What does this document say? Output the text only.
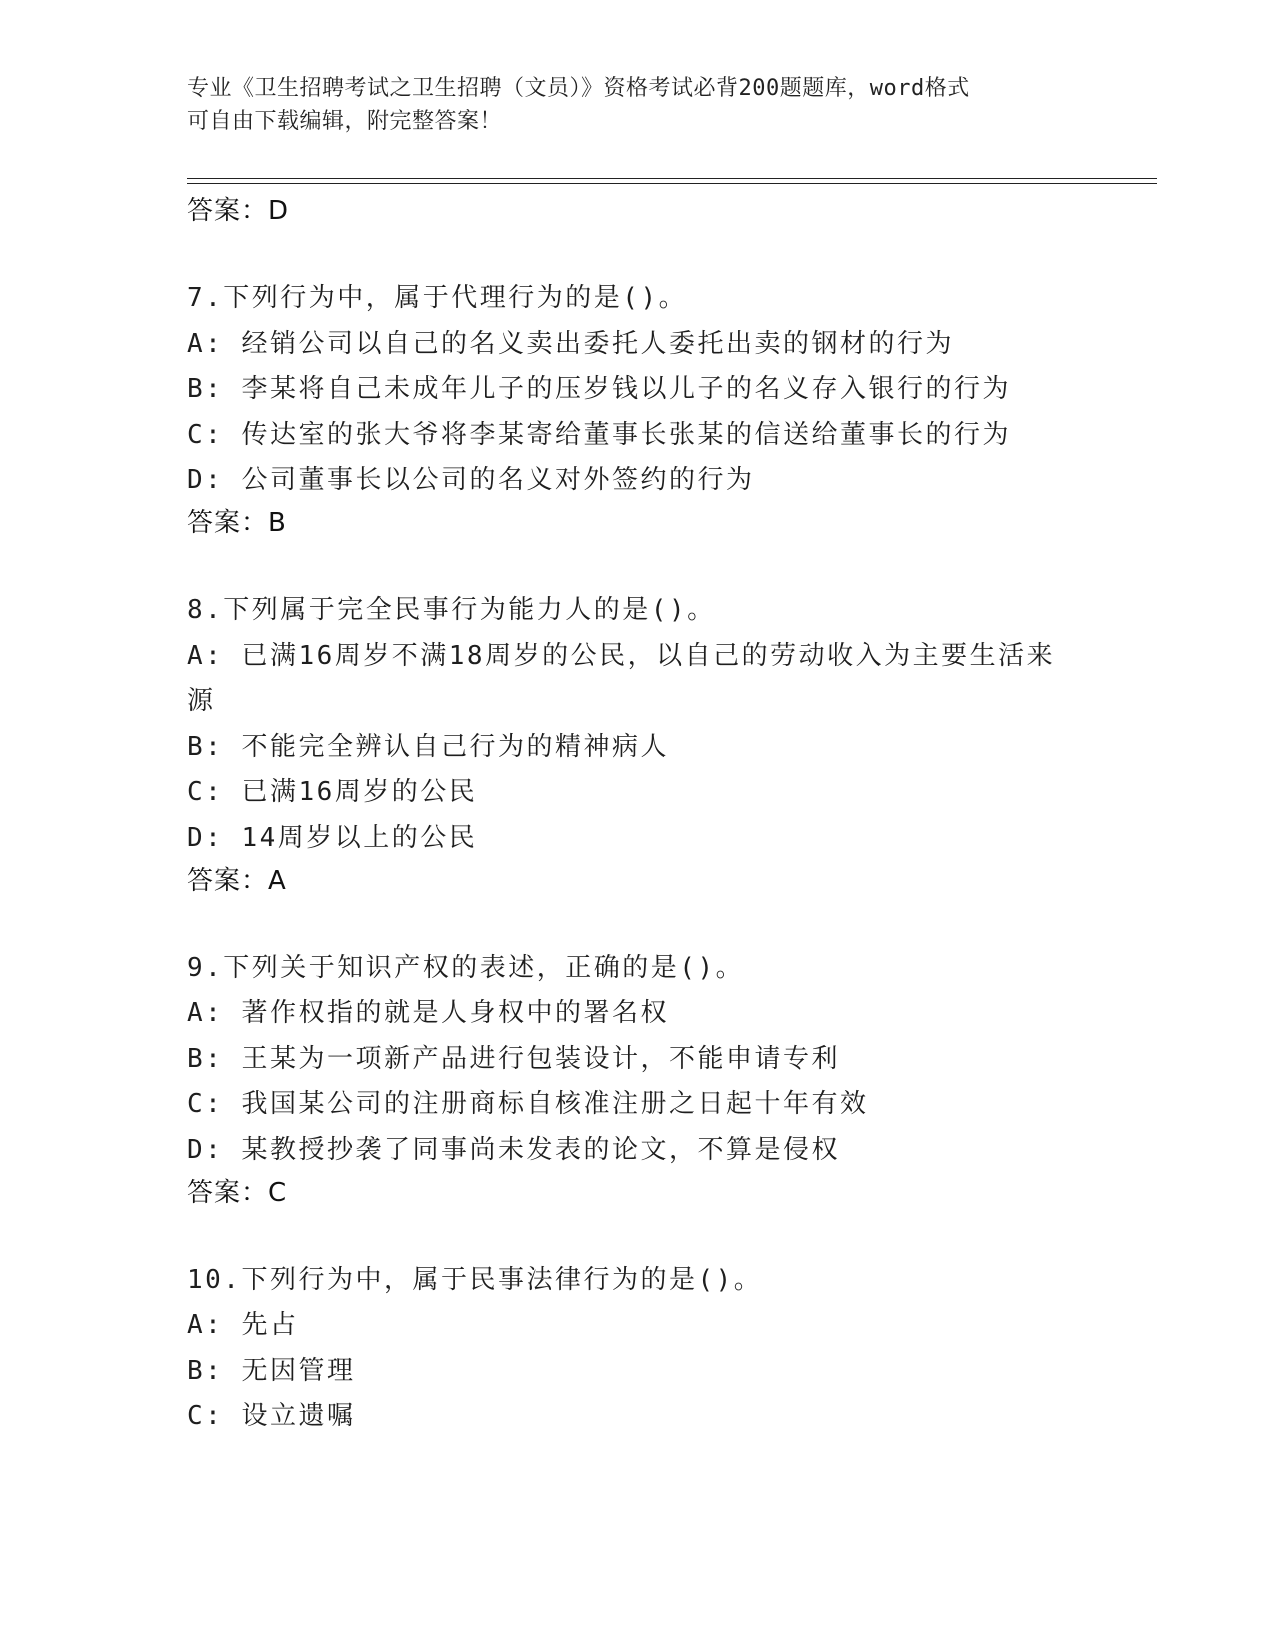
专业《卫生招聘考试之卫生招聘（文员）》资格考试必背200题题库，word格式
可自由下载编辑，附完整答案！
答案：D
7.下列行为中，属于代理行为的是()。
A: 经销公司以自己的名义卖出委托人委托出卖的钢材的行为
B: 李某将自己未成年儿子的压岁钱以儿子的名义存入银行的行为
C: 传达室的张大爷将李某寄给董事长张某的信送给董事长的行为
D: 公司董事长以公司的名义对外签约的行为
答案：B
8.下列属于完全民事行为能力人的是()。
A: 已满16周岁不满18周岁的公民，以自己的劳动收入为主要生活来源
B: 不能完全辨认自己行为的精神病人
C: 已满16周岁的公民
D: 14周岁以上的公民
答案：A
9.下列关于知识产权的表述，正确的是()。
A: 著作权指的就是人身权中的署名权
B: 王某为一项新产品进行包装设计，不能申请专利
C: 我国某公司的注册商标自核准注册之日起十年有效
D: 某教授抄袭了同事尚未发表的论文，不算是侵权
答案：C
10.下列行为中，属于民事法律行为的是()。
A: 先占
B: 无因管理
C: 设立遗嘱
